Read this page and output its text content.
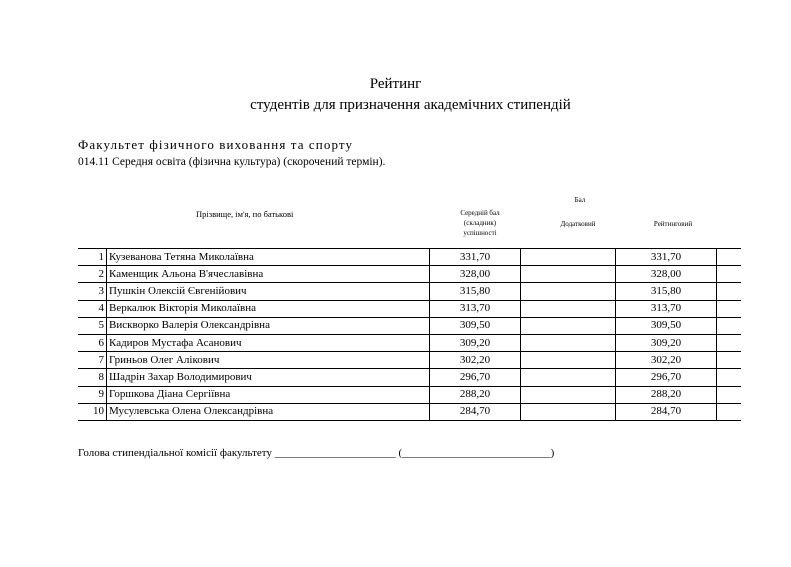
Рейтинг
студентів для призначення академічних стипендій
Факультет фізичного виховання та спорту
014.11 Середня освіта (фізична культура) (скорочений термін).
Бал
Прізвище, ім'я, по батькові	Середній бал
(складник)
успішності
Додатковий	Рейтинговий
1	Кузеванова Тетяна Миколаївна	331,70		331,70	
2	Каменщик Альона В'ячеславівна	328,00		328,00	
3	Пушкін Олексій Євгенійович	315,80		315,80	
4	Веркалюк Вікторія Миколаївна	313,70		313,70	
5	Вискворко Валерія Олександрівна	309,50		309,50	
6	Кадиров Мустафа Асанович	309,20		309,20	
7	Гриньов Олег Алікович	302,20		302,20	
8	Шадрін Захар Володимирович	296,70		296,70	
9	Горшкова Діана Сергіївна	288,20		288,20	
10	Мусулевська Олена Олександрівна	284,70		284,70	
Голова стипендіальної комісії факультету ______________________ (___________________________)
